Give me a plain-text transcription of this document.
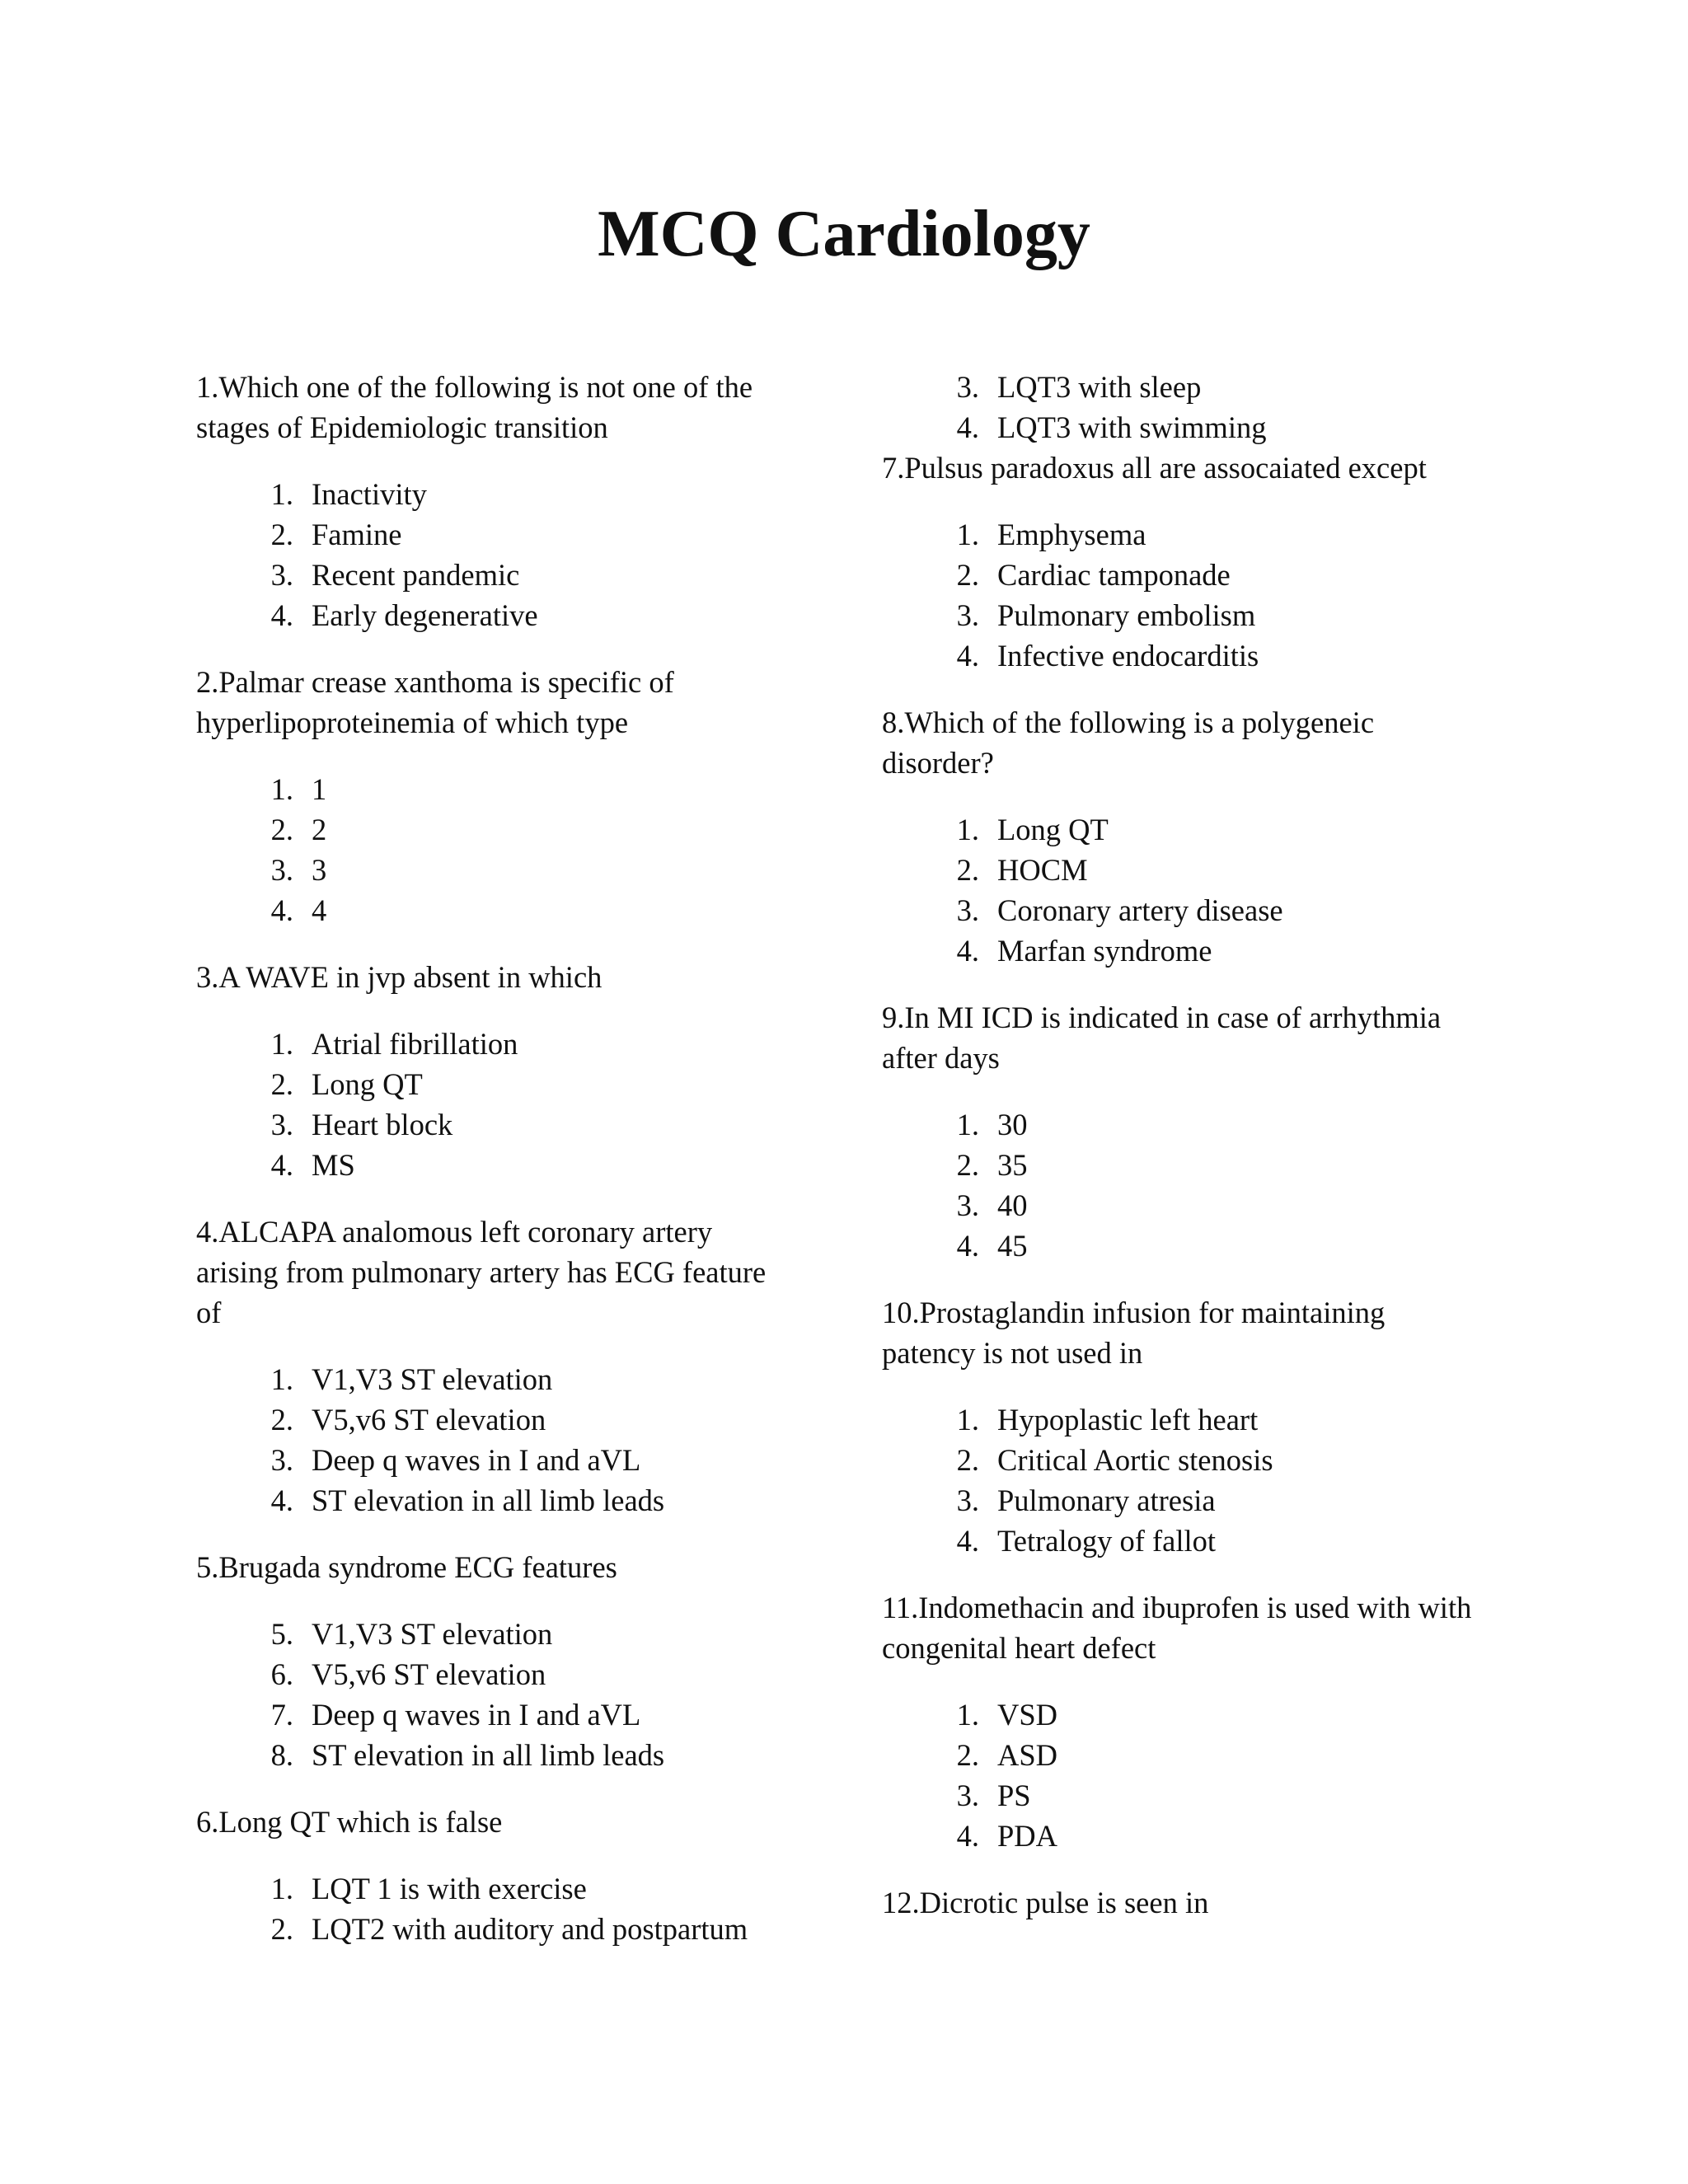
MCQ Cardiology

1.Which one of the following is not one of the stages of Epidemiologic transition

1. Inactivity
2. Famine
3. Recent pandemic
4. Early degenerative

2.Palmar crease xanthoma is specific of hyperlipoproteinemia of which type

1. 1
2. 2
3. 3
4. 4

3.A WAVE in jvp absent in which

1. Atrial fibrillation
2. Long QT
3. Heart block
4. MS

4.ALCAPA analomous left coronary artery arising from pulmonary artery has ECG feature of

1. V1,V3 ST elevation
2. V5,v6 ST elevation
3. Deep q waves in I and aVL
4. ST elevation in all limb leads

5.Brugada syndrome ECG features

5. V1,V3 ST elevation
6. V5,v6 ST elevation
7. Deep q waves in I and aVL
8. ST elevation in all limb leads

6.Long QT which is false

1. LQT 1 is with exercise
2. LQT2 with auditory and postpartum
3. LQT3 with sleep
4. LQT3 with swimming

7.Pulsus paradoxus all are assocaiated except

1. Emphysema
2. Cardiac tamponade
3. Pulmonary embolism
4. Infective endocarditis

8.Which of the following is a polygeneic disorder?

1. Long QT
2. HOCM
3. Coronary artery disease
4. Marfan syndrome

9.In MI ICD is indicated in case of arrhythmia after days

1. 30
2. 35
3. 40
4. 45

10.Prostaglandin infusion for maintaining patency is not used in

1. Hypoplastic left heart
2. Critical Aortic stenosis
3. Pulmonary atresia
4. Tetralogy of fallot

11.Indomethacin and ibuprofen is used with with congenital heart defect

1. VSD
2. ASD
3. PS
4. PDA

12.Dicrotic pulse is seen in
